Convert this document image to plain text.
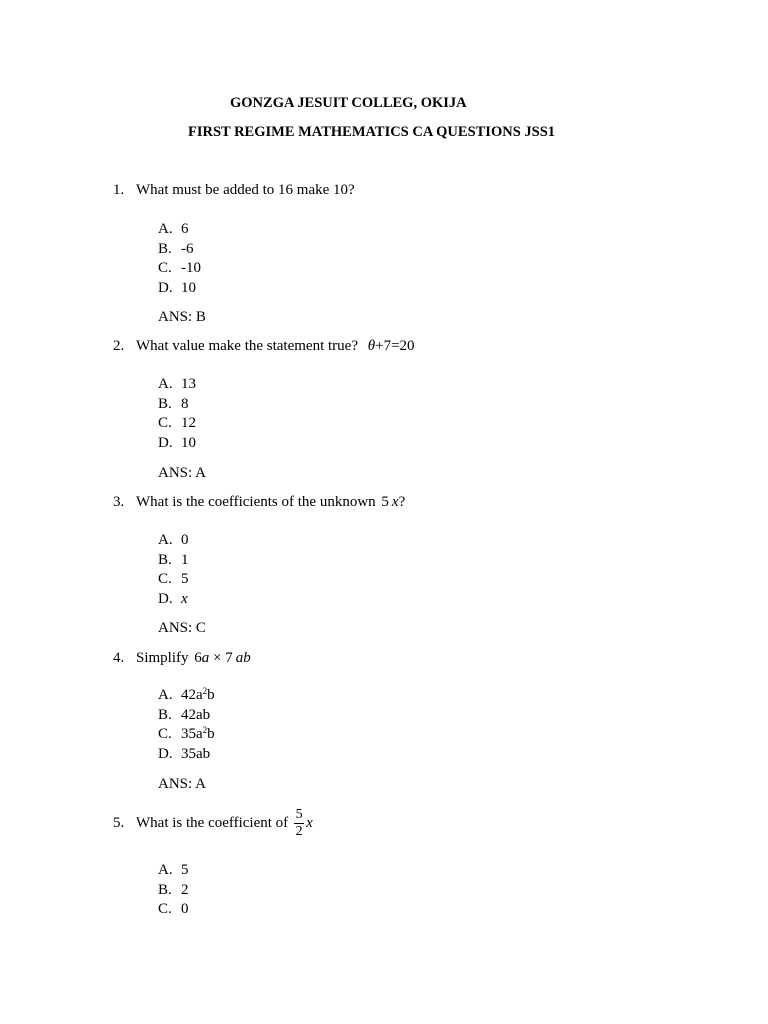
GONZGA JESUIT COLLEG, OKIJA
FIRST REGIME MATHEMATICS CA QUESTIONS JSS1
1. What must be added to 16 make 10?
A. 6
B. -6
C. -10
D. 10
ANS: B
2. What value make the statement true? θ+7=20
A. 13
B. 8
C. 12
D. 10
ANS: A
3. What is the coefficients of the unknown 5  x?
A. 0
B. 1
C. 5
D. x
ANS: C
4. Simplify 6a × 7  ab
A. $42a^2b$
B. 42ab
C. $35a^2b$
D. 35ab
ANS: A
5. What is the coefficient of $\frac{5}{2}$ x
A. 5
B. 2
C. 0
